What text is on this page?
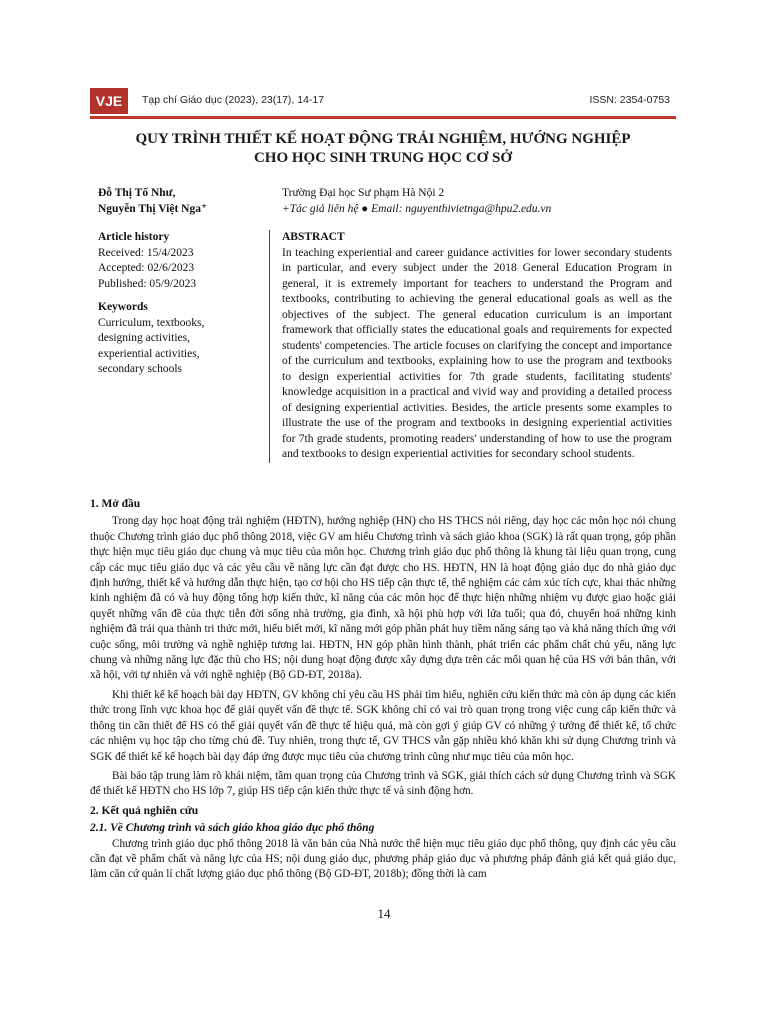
VJE	Tạp chí Giáo dục (2023), 23(17), 14-17	ISSN: 2354-0753
QUY TRÌNH THIẾT KẾ HOẠT ĐỘNG TRẢI NGHIỆM, HƯỚNG NGHIỆP
CHO HỌC SINH TRUNG HỌC CƠ SỞ
Đỗ Thị Tố Như,
Nguyễn Thị Việt Nga⁺
Trường Đại học Sư phạm Hà Nội 2
+Tác giả liên hệ ● Email: nguyenthivietnga@hpu2.edu.vn
Article history
Received: 15/4/2023
Accepted: 02/6/2023
Published: 05/9/2023
Keywords
Curriculum, textbooks,
designing activities,
experiential activities,
secondary schools
ABSTRACT

In teaching experiential and career guidance activities for lower secondary students in particular, and every subject under the 2018 General Education Program in general, it is extremely important for teachers to understand the Program and textbooks, contributing to achieving the general educational goals as well as the objectives of the subject. The general education curriculum is an important framework that officially states the educational goals and requirements for expected students' competencies. The article focuses on clarifying the concept and importance of the curriculum and textbooks, explaining how to use the program and textbooks to design experiential activities for 7th grade students, facilitating students' knowledge acquisition in a practical and vivid way and providing a detailed process of designing experiential activities. Besides, the article presents some examples to illustrate the use of the program and textbooks in designing experiential activities for 7th grade students, promoting readers' understanding of how to use the program and textbooks to design experiential activities for secondary school students.

1. Mở đầu

Trong dạy học hoạt động trải nghiệm (HĐTN), hướng nghiệp (HN) cho HS THCS nói riêng, dạy học các môn học nói chung thuộc Chương trình giáo dục phổ thông 2018, việc GV am hiểu Chương trình và sách giáo khoa (SGK) là rất quan trọng, góp phần thực hiện mục tiêu giáo dục chung và mục tiêu của môn học. Chương trình giáo dục phổ thông là khung tài liệu quan trọng, cung cấp các mục tiêu giáo dục và các yêu cầu về năng lực cần đạt được cho HS. HĐTN, HN là hoạt động giáo dục do nhà giáo dục định hướng, thiết kế và hướng dẫn thực hiện, tạo cơ hội cho HS tiếp cận thực tế, thể nghiệm các cảm xúc tích cực, khai thác những kinh nghiệm đã có và huy động tổng hợp kiến thức, kĩ năng của các môn học để thực hiện những nhiệm vụ được giao hoặc giải quyết những vấn đề của thực tiễn đời sống nhà trường, gia đình, xã hội phù hợp với lứa tuổi; qua đó, chuyển hoá những kinh nghiệm đã trải qua thành tri thức mới, hiểu biết mới, kĩ năng mới góp phần phát huy tiềm năng sáng tạo và khả năng thích ứng với cuộc sống, môi trường và nghề nghiệp tương lai. HĐTN, HN góp phần hình thành, phát triển các phẩm chất chủ yếu, năng lực chung và những năng lực đặc thù cho HS; nội dung hoạt động được xây dựng dựa trên các mối quan hệ của HS với bản thân, với xã hội, với tự nhiên và với nghề nghiệp (Bộ GD-ĐT, 2018a).

Khi thiết kế kế hoạch bài dạy HĐTN, GV không chỉ yêu cầu HS phải tìm hiểu, nghiên cứu kiến thức mà còn áp dụng các kiến thức trong lĩnh vực khoa học để giải quyết vấn đề thực tế. SGK không chỉ có vai trò quan trọng trong việc cung cấp kiến thức và thông tin cần thiết để HS có thể giải quyết vấn đề thực tế hiệu quả, mà còn gợi ý giúp GV có những ý tưởng để thiết kế, tổ chức các nhiệm vụ học tập cho từng chủ đề. Tuy nhiên, trong thực tế, GV THCS vẫn gặp nhiều khó khăn khi sử dụng Chương trình và SGK để thiết kế kế hoạch bài dạy đáp ứng được mục tiêu của chương trình cũng như mục tiêu của môn học.

Bài báo tập trung làm rõ khái niệm, tầm quan trọng của Chương trình và SGK, giải thích cách sử dụng Chương trình và SGK để thiết kế HĐTN cho HS lớp 7, giúp HS tiếp cận kiến thức thực tế và sinh động hơn.

2. Kết quả nghiên cứu
2.1. Về Chương trình và sách giáo khoa giáo dục phổ thông

Chương trình giáo dục phổ thông 2018 là văn bản của Nhà nước thể hiện mục tiêu giáo dục phổ thông, quy định các yêu cầu cần đạt về phẩm chất và năng lực của HS; nội dung giáo dục, phương pháp giáo dục và phương pháp đánh giá kết quả giáo dục, làm căn cứ quản lí chất lượng giáo dục phổ thông (Bộ GD-ĐT, 2018b); đồng thời là cam

14
